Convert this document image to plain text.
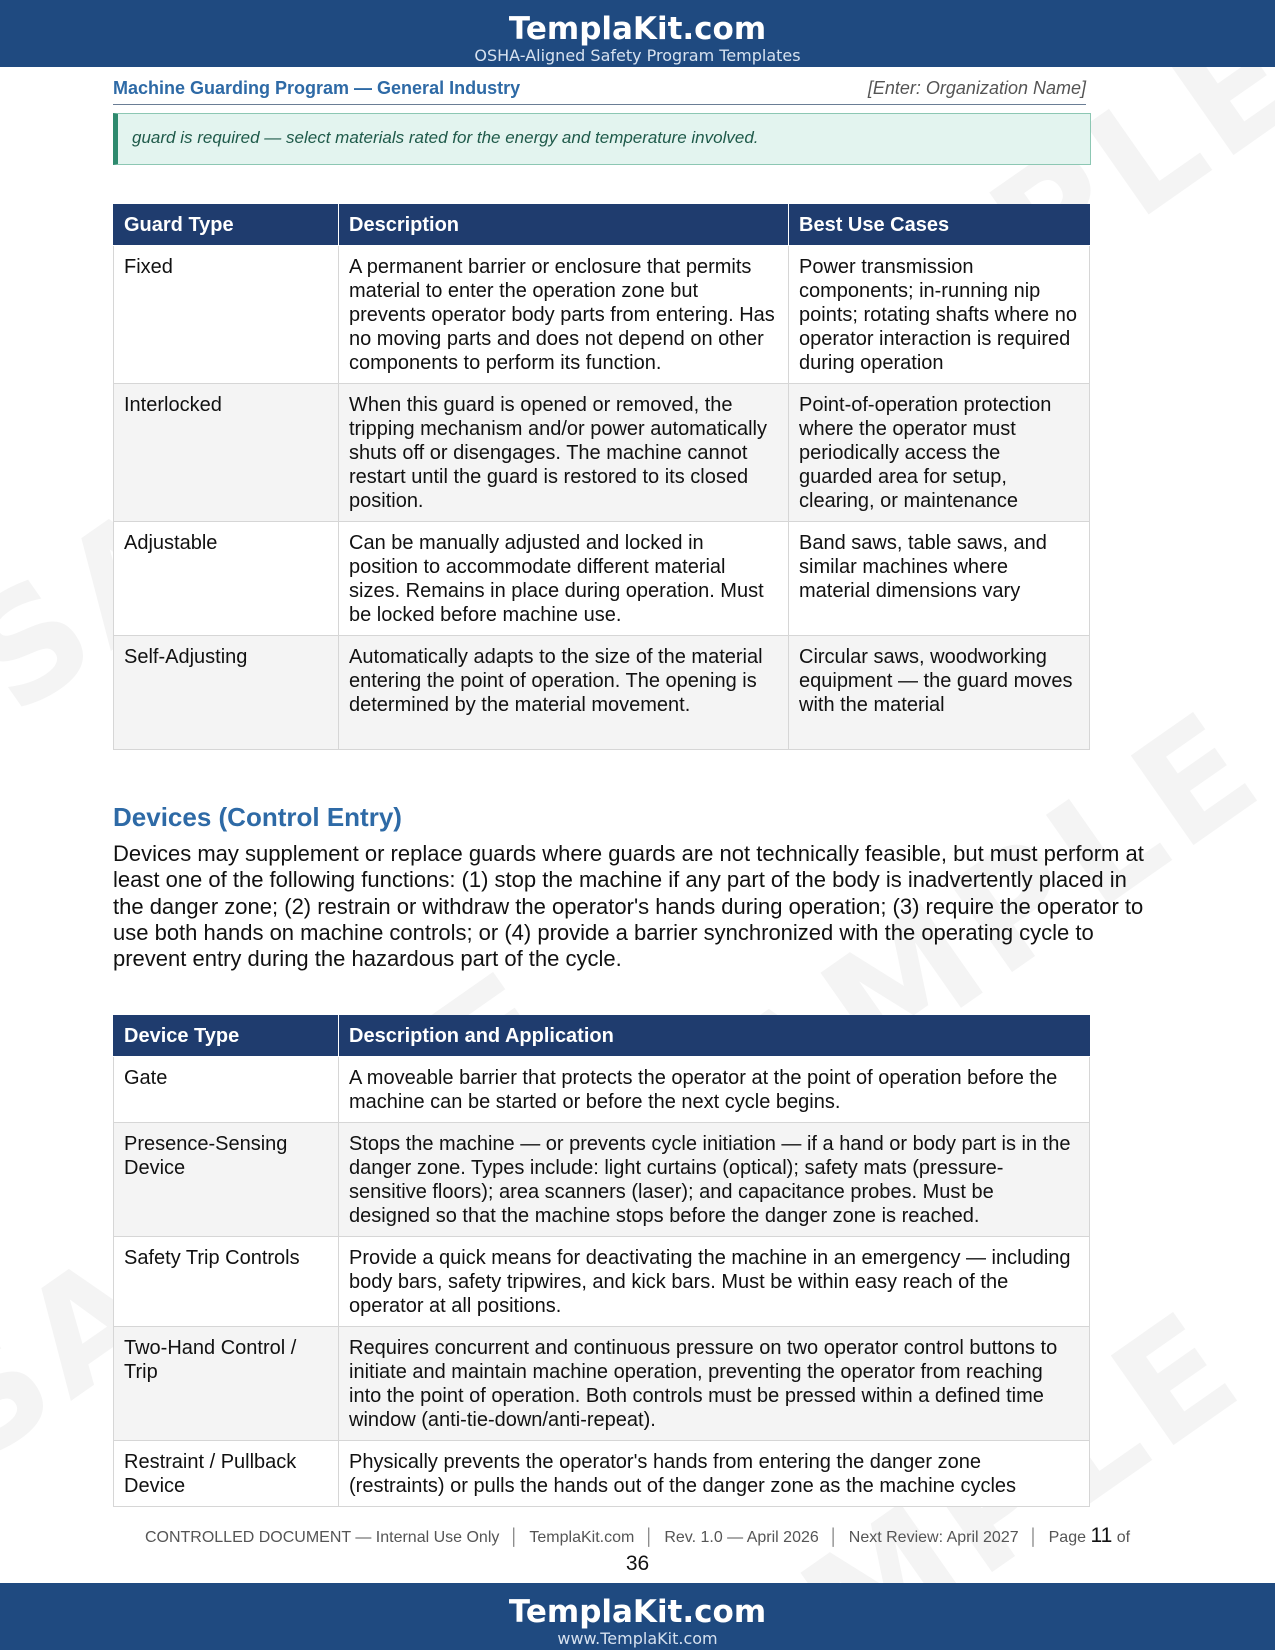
TemplaKit.com
OSHA-Aligned Safety Program Templates
Machine Guarding Program — General Industry	[Enter: Organization Name]

guard is required — select materials rated for the energy and temperature involved.

Guard Type	Description	Best Use Cases
Fixed	A permanent barrier or enclosure that permits material to enter the operation zone but prevents operator body parts from entering. Has no moving parts and does not depend on other components to perform its function.	Power transmission components; in-running nip points; rotating shafts where no operator interaction is required during operation
Interlocked	When this guard is opened or removed, the tripping mechanism and/or power automatically shuts off or disengages. The machine cannot restart until the guard is restored to its closed position.	Point-of-operation protection where the operator must periodically access the guarded area for setup, clearing, or maintenance
Adjustable	Can be manually adjusted and locked in position to accommodate different material sizes. Remains in place during operation. Must be locked before machine use.	Band saws, table saws, and similar machines where material dimensions vary
Self-Adjusting	Automatically adapts to the size of the material entering the point of operation. The opening is determined by the material movement.	Circular saws, woodworking equipment — the guard moves with the material
Devices (Control Entry)

Devices may supplement or replace guards where guards are not technically feasible, but must perform at least one of the following functions: (1) stop the machine if any part of the body is inadvertently placed in the danger zone; (2) restrain or withdraw the operator's hands during operation; (3) require the operator to use both hands on machine controls; or (4) provide a barrier synchronized with the operating cycle to prevent entry during the hazardous part of the cycle.

Device Type	Description and Application
Gate	A moveable barrier that protects the operator at the point of operation before the machine can be started or before the next cycle begins.
Presence-Sensing Device	Stops the machine — or prevents cycle initiation — if a hand or body part is in the danger zone. Types include: light curtains (optical); safety mats (pressure-sensitive floors); area scanners (laser); and capacitance probes. Must be designed so that the machine stops before the danger zone is reached.
Safety Trip Controls	Provide a quick means for deactivating the machine in an emergency — including body bars, safety tripwires, and kick bars. Must be within easy reach of the operator at all positions.
Two-Hand Control / Trip	Requires concurrent and continuous pressure on two operator control buttons to initiate and maintain machine operation, preventing the operator from reaching into the point of operation. Both controls must be pressed within a defined time window (anti-tie-down/anti-repeat).
Restraint / Pullback Device	Physically prevents the operator's hands from entering the danger zone (restraints) or pulls the hands out of the danger zone as the machine cycles
CONTROLLED DOCUMENT — Internal Use Only │ TemplaKit.com │ Rev. 1.0 — April 2026 │ Next Review: April 2027 │ Page 11 of
36
TemplaKit.com
www.TemplaKit.com
